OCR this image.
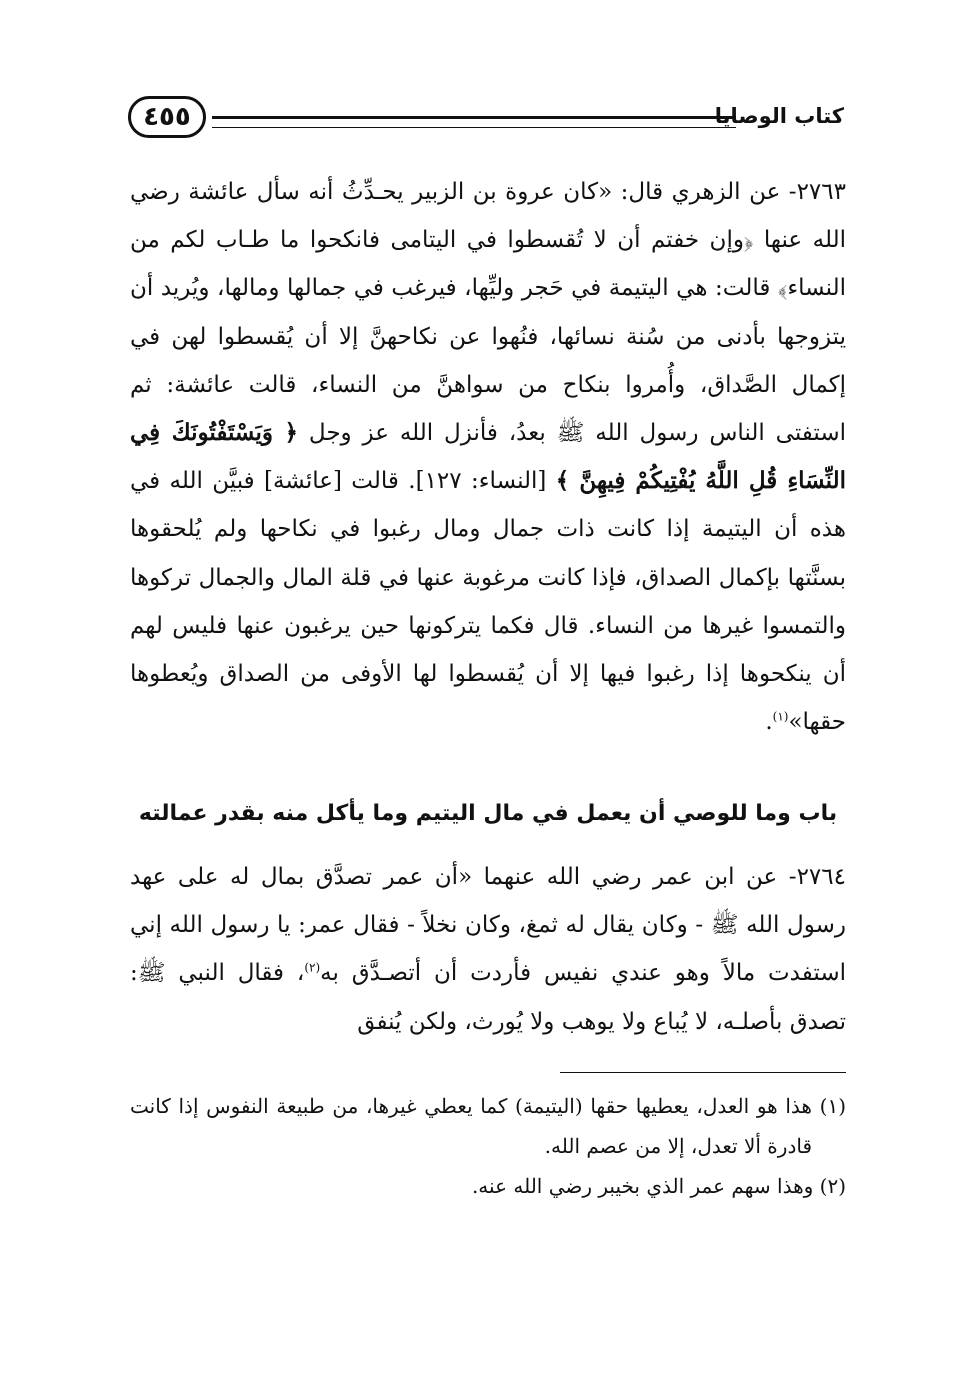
٤٥٥	كتاب الوصايا

٢٧٦٣- عن الزهري قال: «كان عروة بن الزبير يحـدِّثُ أنه سأل عائشة رضي الله عنها ﴿وإن خفتم أن لا تُقسطوا في اليتامى فانكحوا ما طـاب لكم من النساء﴾ قالت: هي اليتيمة في حَجر وليِّها، فيرغب في جمالها ومالها، ويُريد أن يتزوجها بأدنى من سُنة نسائها، فنُهوا عن نكاحهنَّ إلا أن يُقسطوا لهن في إكمال الصَّداق، وأُمروا بنكاح من سواهنَّ من النساء، قالت عائشة: ثم استفتى الناس رسول الله ﷺ بعدُ، فأنزل الله عز وجل ﴿ وَيَسْتَفْتُونَكَ فِي النِّسَاءِ قُلِ اللَّهُ يُفْتِيكُمْ فِيهِنَّ ﴾ [النساء: ١٢٧]. قالت [عائشة] فبيَّن الله في هذه أن اليتيمة إذا كانت ذات جمال ومال رغبوا في نكاحها ولم يُلحقوها بسنَّتها بإكمال الصداق، فإذا كانت مرغوبة عنها في قلة المال والجمال تركوها والتمسوا غيرها من النساء. قال فكما يتركونها حين يرغبون عنها فليس لهم أن ينكحوها إذا رغبوا فيها إلا أن يُقسطوا لها الأوفى من الصداق ويُعطوها حقها»$^{(١)}$.

باب وما للوصي أن يعمل في مال اليتيم وما يأكل منه بقدر عمالته

٢٧٦٤- عن ابن عمر رضي الله عنهما «أن عمر تصدَّق بمال له على عهد رسول الله ﷺ - وكان يقال له ثمغ، وكان نخلاً - فقال عمر: يا رسول الله إني استفدت مالاً وهو عندي نفيس فأردت أن أتصـدَّق به$^{(٢)}$، فقال النبي ﷺ: تصدق بأصلـه، لا يُباع ولا يوهب ولا يُورث، ولكن يُنفق

(١) هذا هو العدل، يعطيها حقها (اليتيمة) كما يعطي غيرها، من طبيعة النفوس إذا كانت قادرة ألا تعدل، إلا من عصم الله.

(٢) وهذا سهم عمر الذي بخيبر رضي الله عنه.
